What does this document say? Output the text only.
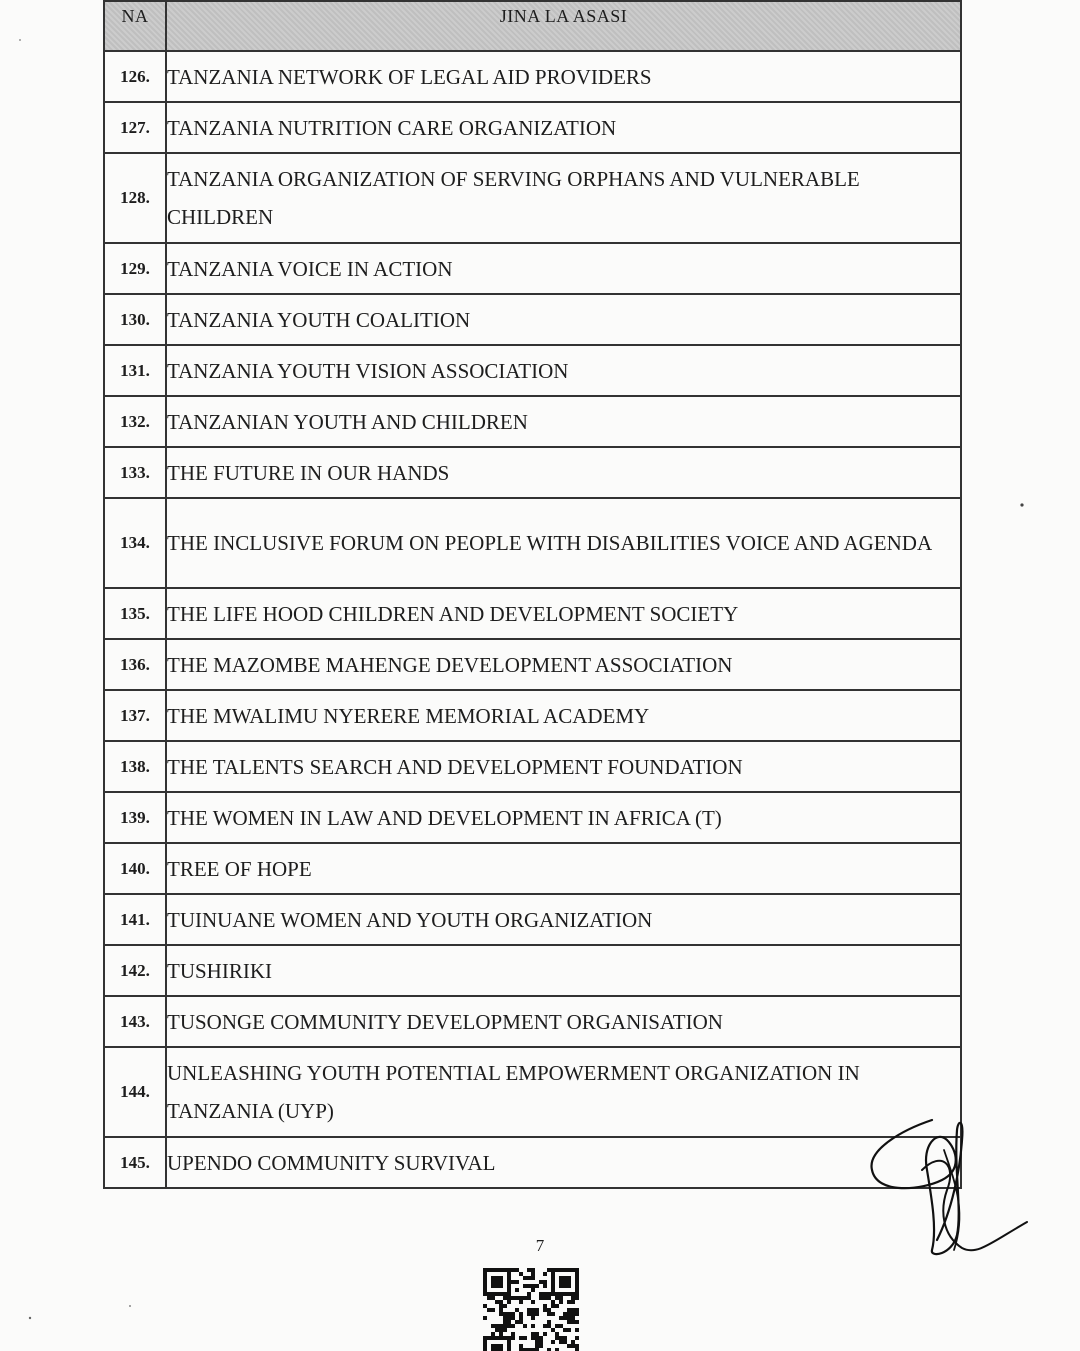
NA	JINA LA ASASI
126.	TANZANIA NETWORK OF LEGAL AID PROVIDERS
127.	TANZANIA NUTRITION CARE ORGANIZATION
128.	TANZANIA ORGANIZATION OF SERVING ORPHANS AND VULNERABLE CHILDREN
129.	TANZANIA VOICE IN ACTION
130.	TANZANIA YOUTH COALITION
131.	TANZANIA YOUTH VISION ASSOCIATION
132.	TANZANIAN YOUTH AND CHILDREN
133.	THE FUTURE IN OUR HANDS
134.	THE INCLUSIVE FORUM ON PEOPLE WITH DISABILITIES VOICE AND AGENDA
135.	THE LIFE HOOD CHILDREN AND DEVELOPMENT SOCIETY
136.	THE MAZOMBE MAHENGE DEVELOPMENT ASSOCIATION
137.	THE MWALIMU NYERERE MEMORIAL ACADEMY
138.	THE TALENTS SEARCH AND DEVELOPMENT FOUNDATION
139.	THE WOMEN IN LAW AND DEVELOPMENT IN AFRICA (T)
140.	TREE OF HOPE
141.	TUINUANE WOMEN AND YOUTH ORGANIZATION
142.	TUSHIRIKI
143.	TUSONGE COMMUNITY DEVELOPMENT ORGANISATION
144.	UNLEASHING YOUTH POTENTIAL EMPOWERMENT ORGANIZATION IN TANZANIA (UYP)
145.	UPENDO COMMUNITY SURVIVAL
7
